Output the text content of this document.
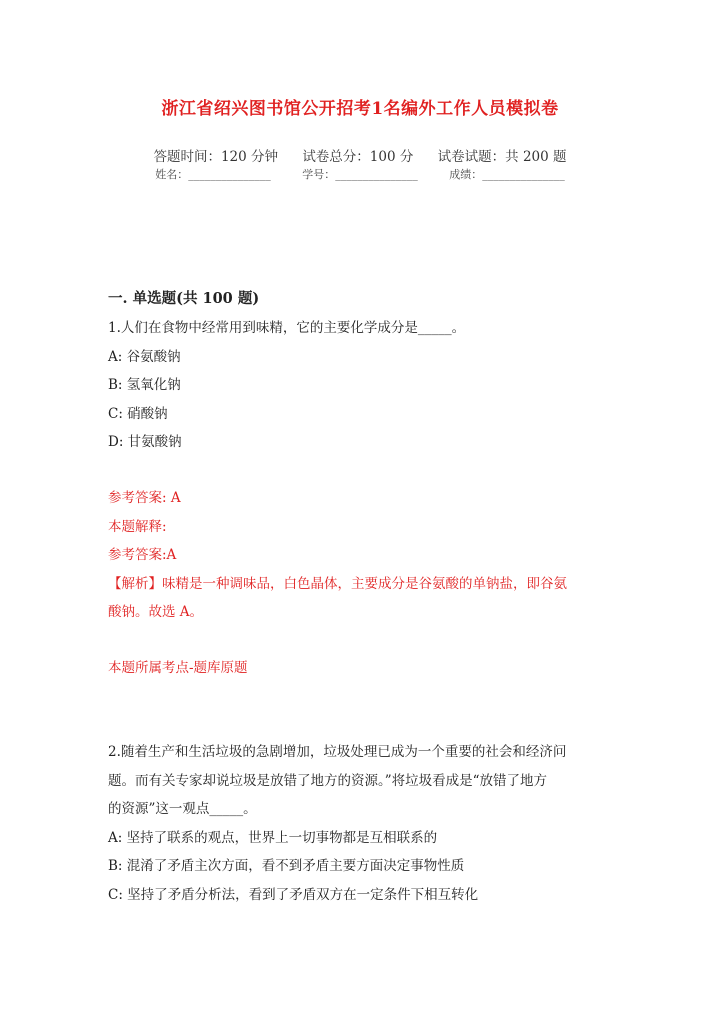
浙江省绍兴图书馆公开招考1名编外工作人员模拟卷
答题时间：120 分钟 试卷总分：100 分 试卷试题：共 200 题
姓名：_______________	学号：_______________	成绩：_______________
一. 单选题(共 100 题)
1.人们在食物中经常用到味精，它的主要化学成分是_____。
A: 谷氨酸钠
B: 氢氧化钠
C: 硝酸钠
D: 甘氨酸钠
参考答案: A
本题解释:
参考答案:A
【解析】味精是一种调味品，白色晶体，主要成分是谷氨酸的单钠盐，即谷氨
酸钠。故选 A。
本题所属考点-题库原题
2.随着生产和生活垃圾的急剧增加，垃圾处理已成为一个重要的社会和经济问
题。而有关专家却说垃圾是放错了地方的资源。”将垃圾看成是“放错了地方
的资源”这一观点_____。
A: 坚持了联系的观点，世界上一切事物都是互相联系的
B: 混淆了矛盾主次方面，看不到矛盾主要方面决定事物性质
C: 坚持了矛盾分析法，看到了矛盾双方在一定条件下相互转化
